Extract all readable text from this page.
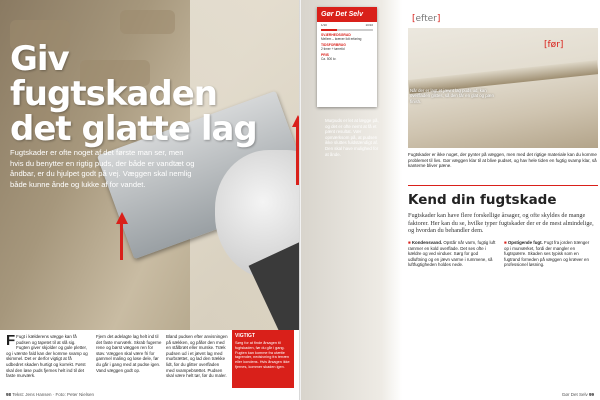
Giv fugtskaden det glatte lag
Fugtskader er ofte noget af det første man ser, men hvis du benytter en rigtig puds, der både er vandtæt og åndbar, er du hjulpet godt på vej. Væggen skal nemlig både kunne ånde og lukke af for vandet.
F Fugt i kælderens vægge kan få pudsen og tapetet til at slå sig. Fugten giver skjolder og gule pletter, og i værste fald kan der komme svamp og skimmel. Det er derfor vigtigt at få udbedret skaden hurtigt og korrekt. Først skal den løse puds fjernes helt ind til det faste murværk.
Fjern det ødelagte lag helt ind til det faste murværk. Skrab fugerne rene og børst væggen ren for støv. Væggen skal være fri for gammel maling og løse dele, før du går i gang med at pudse igen. Vand væggen godt op.
Bland pudsen efter anvisningen på sækken, og påfør den med en stålbræt eller murske. Træk pudsen ud i et jævnt lag med murbrættet, og lad den trække lidt, før du glitter overfladen med svampebrættet. Pudsen skal være helt tør, før du maler.
VIGTIGT
Sørg for at finde årsagen til fugtskaden, før du går i gang. Fugten kan komme fra utætte tagrender, nedsivning fra terræn eller kondens. Hvis årsagen ikke fjernes, kommer skaden igen.
98 Tekst: Jens Hansen · Foto: Peter Nielsen
Murpuds er let at lægge på, og det er ofte nemt at få et pænt resultat. Vær opmærksom på, at pudsen ikke sluttes fuldstændigt af. Den skal have mulighed for at ånde.
Gør Det Selv
1/10	10/10
SVÆRHEDSGRAD
Mellem – kræver lidt erfaring
TIDSFORBRUG
2 timer + tørretid
PRIS
Ca. 500 kr.
[efter]
[før]
Når der er lagt et jævnt lag puds ud, kan overfladen glittes, så den får en glat og pæn finish.
Fugtskader er ikke noget, der pynter på væggen, men med det rigtige materiale kan du komme problemet til livs. Gør væggen klar til at blive pudset, og hav hele tiden en fugtig svamp klar, så kanterne bliver pæne.
Kend din fugtskade
Fugtskader kan have flere forskellige årsager, og ofte skyldes de mange faktorer. Her kan du se, hvilke typer fugtskader der er de mest almindelige, og hvordan du behandler dem.
■ Kondensvand. Opstår når varm, fugtig luft rammer en kold overflade. Det ses ofte i kældre og ved vinduer. Sørg for god udluftning og en jævn varme i rummene, så luftfugtigheden holdes nede.
■ Opstigende fugt. Fugt fra jorden trænger op i murværket, fordi der mangler en fugtspærre. Skaden ses typisk som en fugtrand forneden på væggen og kræver en professionel løsning.
Gør Det Selv 99
